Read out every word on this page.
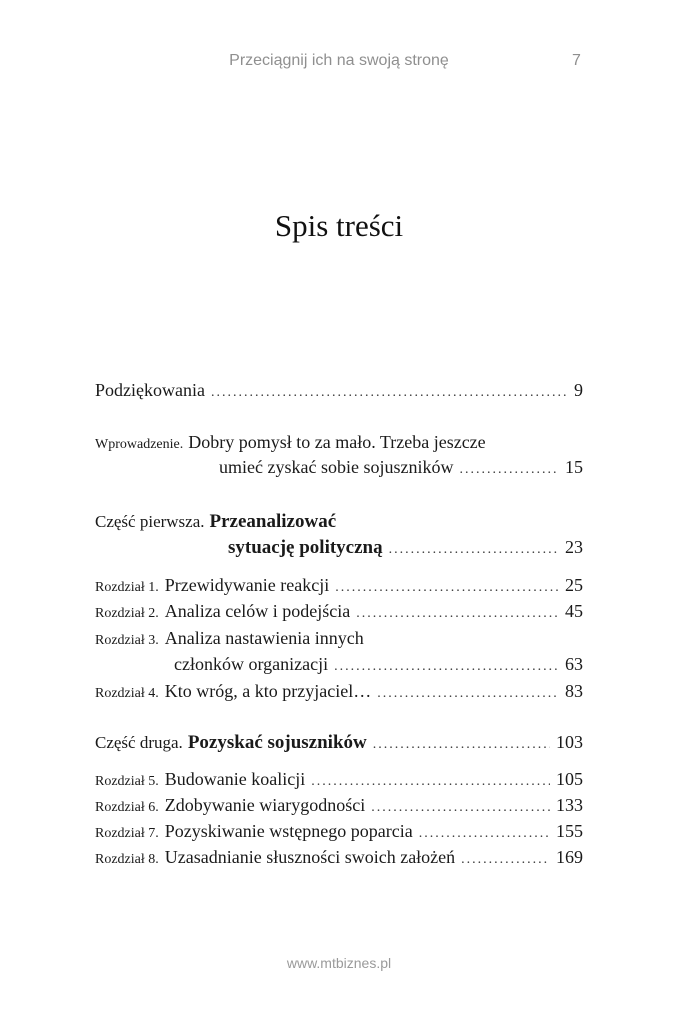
Przeciągnij ich na swoją stronę	7
Spis treści
Podziękowania .....	9
Wprowadzenie. Dobry pomysł to za mało. Trzeba jeszcze
umieć zyskać sobie sojuszników .....	15
Część pierwsza. Przeanalizować
sytuację polityczną .....	23
Rozdział 1. Przewidywanie reakcji .....	25
Rozdział 2. Analiza celów i podejścia .....	45
Rozdział 3. Analiza nastawienia innych
członków organizacji .....	63
Rozdział 4. Kto wróg, a kto przyjaciel… .....	83
Część druga. Pozyskać sojuszników .....	103
Rozdział 5. Budowanie koalicji .....	105
Rozdział 6. Zdobywanie wiarygodności .....	133
Rozdział 7. Pozyskiwanie wstępnego poparcia .....	155
Rozdział 8. Uzasadnianie słuszności swoich założeń .....	169
www.mtbiznes.pl
